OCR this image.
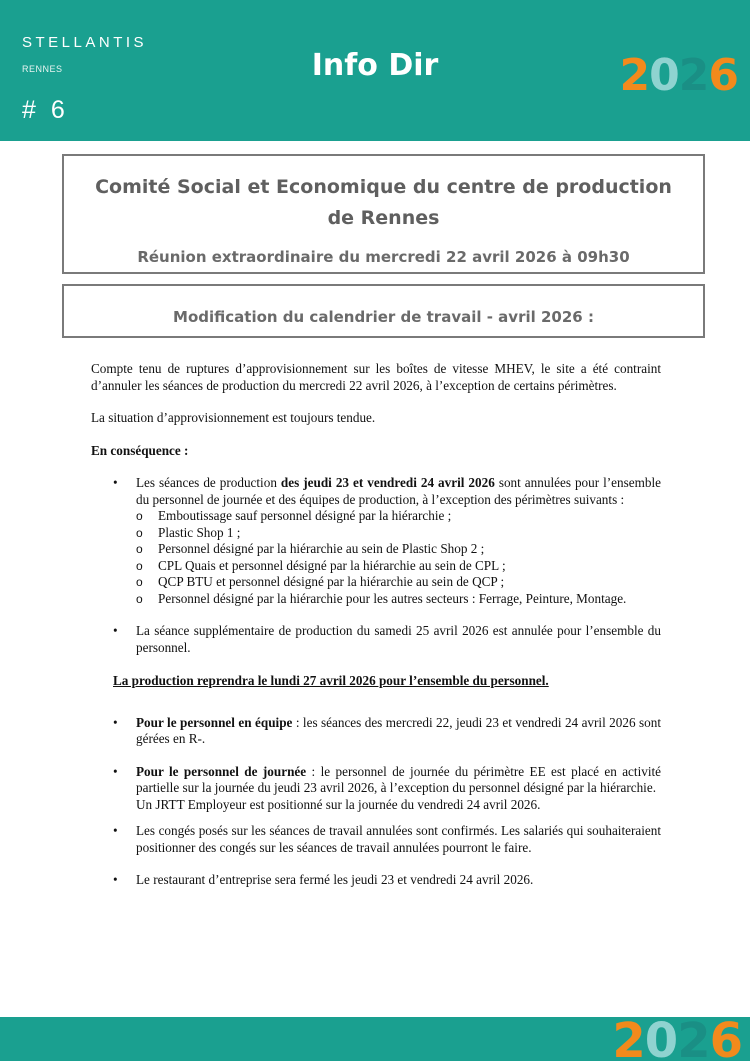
STELLANTIS
RENNES
# 6
Info Dir	2026
Comité Social et Economique du centre de production de Rennes
Réunion extraordinaire du mercredi 22 avril 2026 à 09h30
Modification du calendrier de travail - avril 2026 :

Compte tenu de ruptures d’approvisionnement sur les boîtes de vitesse MHEV, le site a été contraint d’annuler les séances de production du mercredi 22 avril 2026, à l’exception de certains périmètres.

La situation d’approvisionnement est toujours tendue.

En conséquence :

• Les séances de production des jeudi 23 et vendredi 24 avril 2026 sont annulées pour l’ensemble du personnel de journée et des équipes de production, à l’exception des périmètres suivants :
o Emboutissage sauf personnel désigné par la hiérarchie ;
o Plastic Shop 1 ;
o Personnel désigné par la hiérarchie au sein de Plastic Shop 2 ;
o CPL Quais et personnel désigné par la hiérarchie au sein de CPL ;
o QCP BTU et personnel désigné par la hiérarchie au sein de QCP ;
o Personnel désigné par la hiérarchie pour les autres secteurs : Ferrage, Peinture, Montage.
• La séance supplémentaire de production du samedi 25 avril 2026 est annulée pour l’ensemble du personnel.

La production reprendra le lundi 27 avril 2026 pour l’ensemble du personnel.

• Pour le personnel en équipe : les séances des mercredi 22, jeudi 23 et vendredi 24 avril 2026 sont gérées en R-.
• Pour le personnel de journée : le personnel de journée du périmètre EE est placé en activité partielle sur la journée du jeudi 23 avril 2026, à l’exception du personnel désigné par la hiérarchie.
Un JRTT Employeur est positionné sur la journée du vendredi 24 avril 2026.
• Les congés posés sur les séances de travail annulées sont confirmés. Les salariés qui souhaiteraient positionner des congés sur les séances de travail annulées pourront le faire.
• Le restaurant d’entreprise sera fermé les jeudi 23 et vendredi 24 avril 2026.
2026
